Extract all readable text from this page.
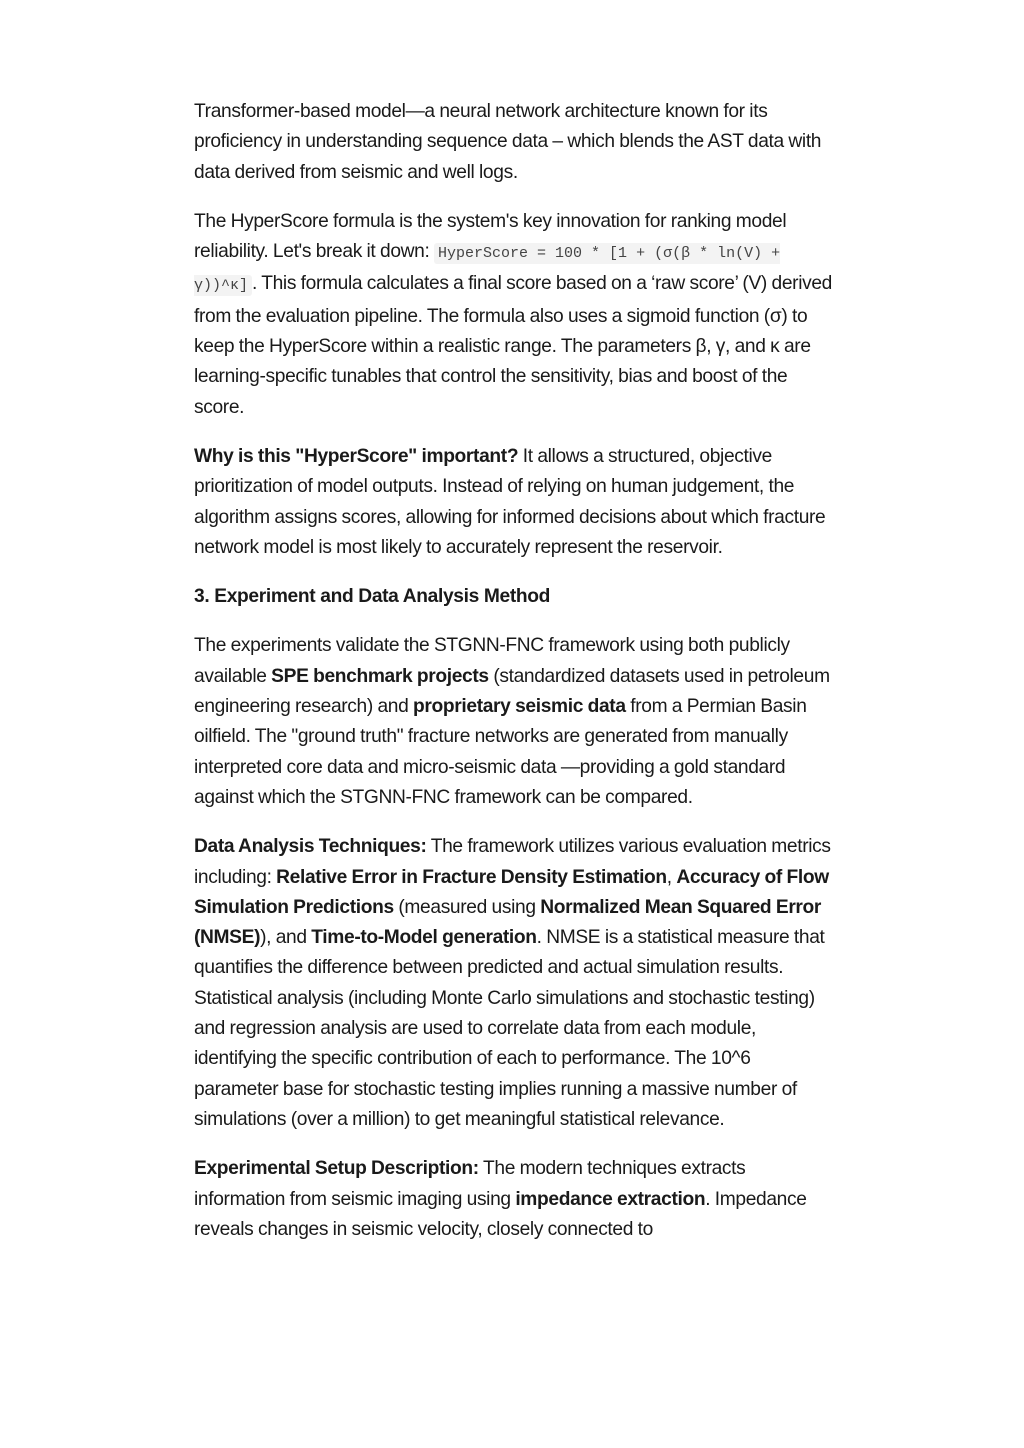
Transformer-based model—a neural network architecture known for its proficiency in understanding sequence data – which blends the AST data with data derived from seismic and well logs.

The HyperScore formula is the system's key innovation for ranking model reliability. Let's break it down: HyperScore = 100 * [1 + (σ(β * ln(V) + γ))^κ] . This formula calculates a final score based on a ‘raw score’ (V) derived from the evaluation pipeline. The formula also uses a sigmoid function (σ) to keep the HyperScore within a realistic range. The parameters β, γ, and κ are learning-specific tunables that control the sensitivity, bias and boost of the score.

Why is this "HyperScore" important? It allows a structured, objective prioritization of model outputs. Instead of relying on human judgement, the algorithm assigns scores, allowing for informed decisions about which fracture network model is most likely to accurately represent the reservoir.

3. Experiment and Data Analysis Method

The experiments validate the STGNN-FNC framework using both publicly available SPE benchmark projects (standardized datasets used in petroleum engineering research) and proprietary seismic data from a Permian Basin oilfield. The "ground truth" fracture networks are generated from manually interpreted core data and micro-seismic data —providing a gold standard against which the STGNN-FNC framework can be compared.

Data Analysis Techniques: The framework utilizes various evaluation metrics including: Relative Error in Fracture Density Estimation, Accuracy of Flow Simulation Predictions (measured using Normalized Mean Squared Error (NMSE)), and Time-to-Model generation. NMSE is a statistical measure that quantifies the difference between predicted and actual simulation results. Statistical analysis (including Monte Carlo simulations and stochastic testing) and regression analysis are used to correlate data from each module, identifying the specific contribution of each to performance. The 10^6 parameter base for stochastic testing implies running a massive number of simulations (over a million) to get meaningful statistical relevance.

Experimental Setup Description: The modern techniques extracts information from seismic imaging using impedance extraction. Impedance reveals changes in seismic velocity, closely connected to
